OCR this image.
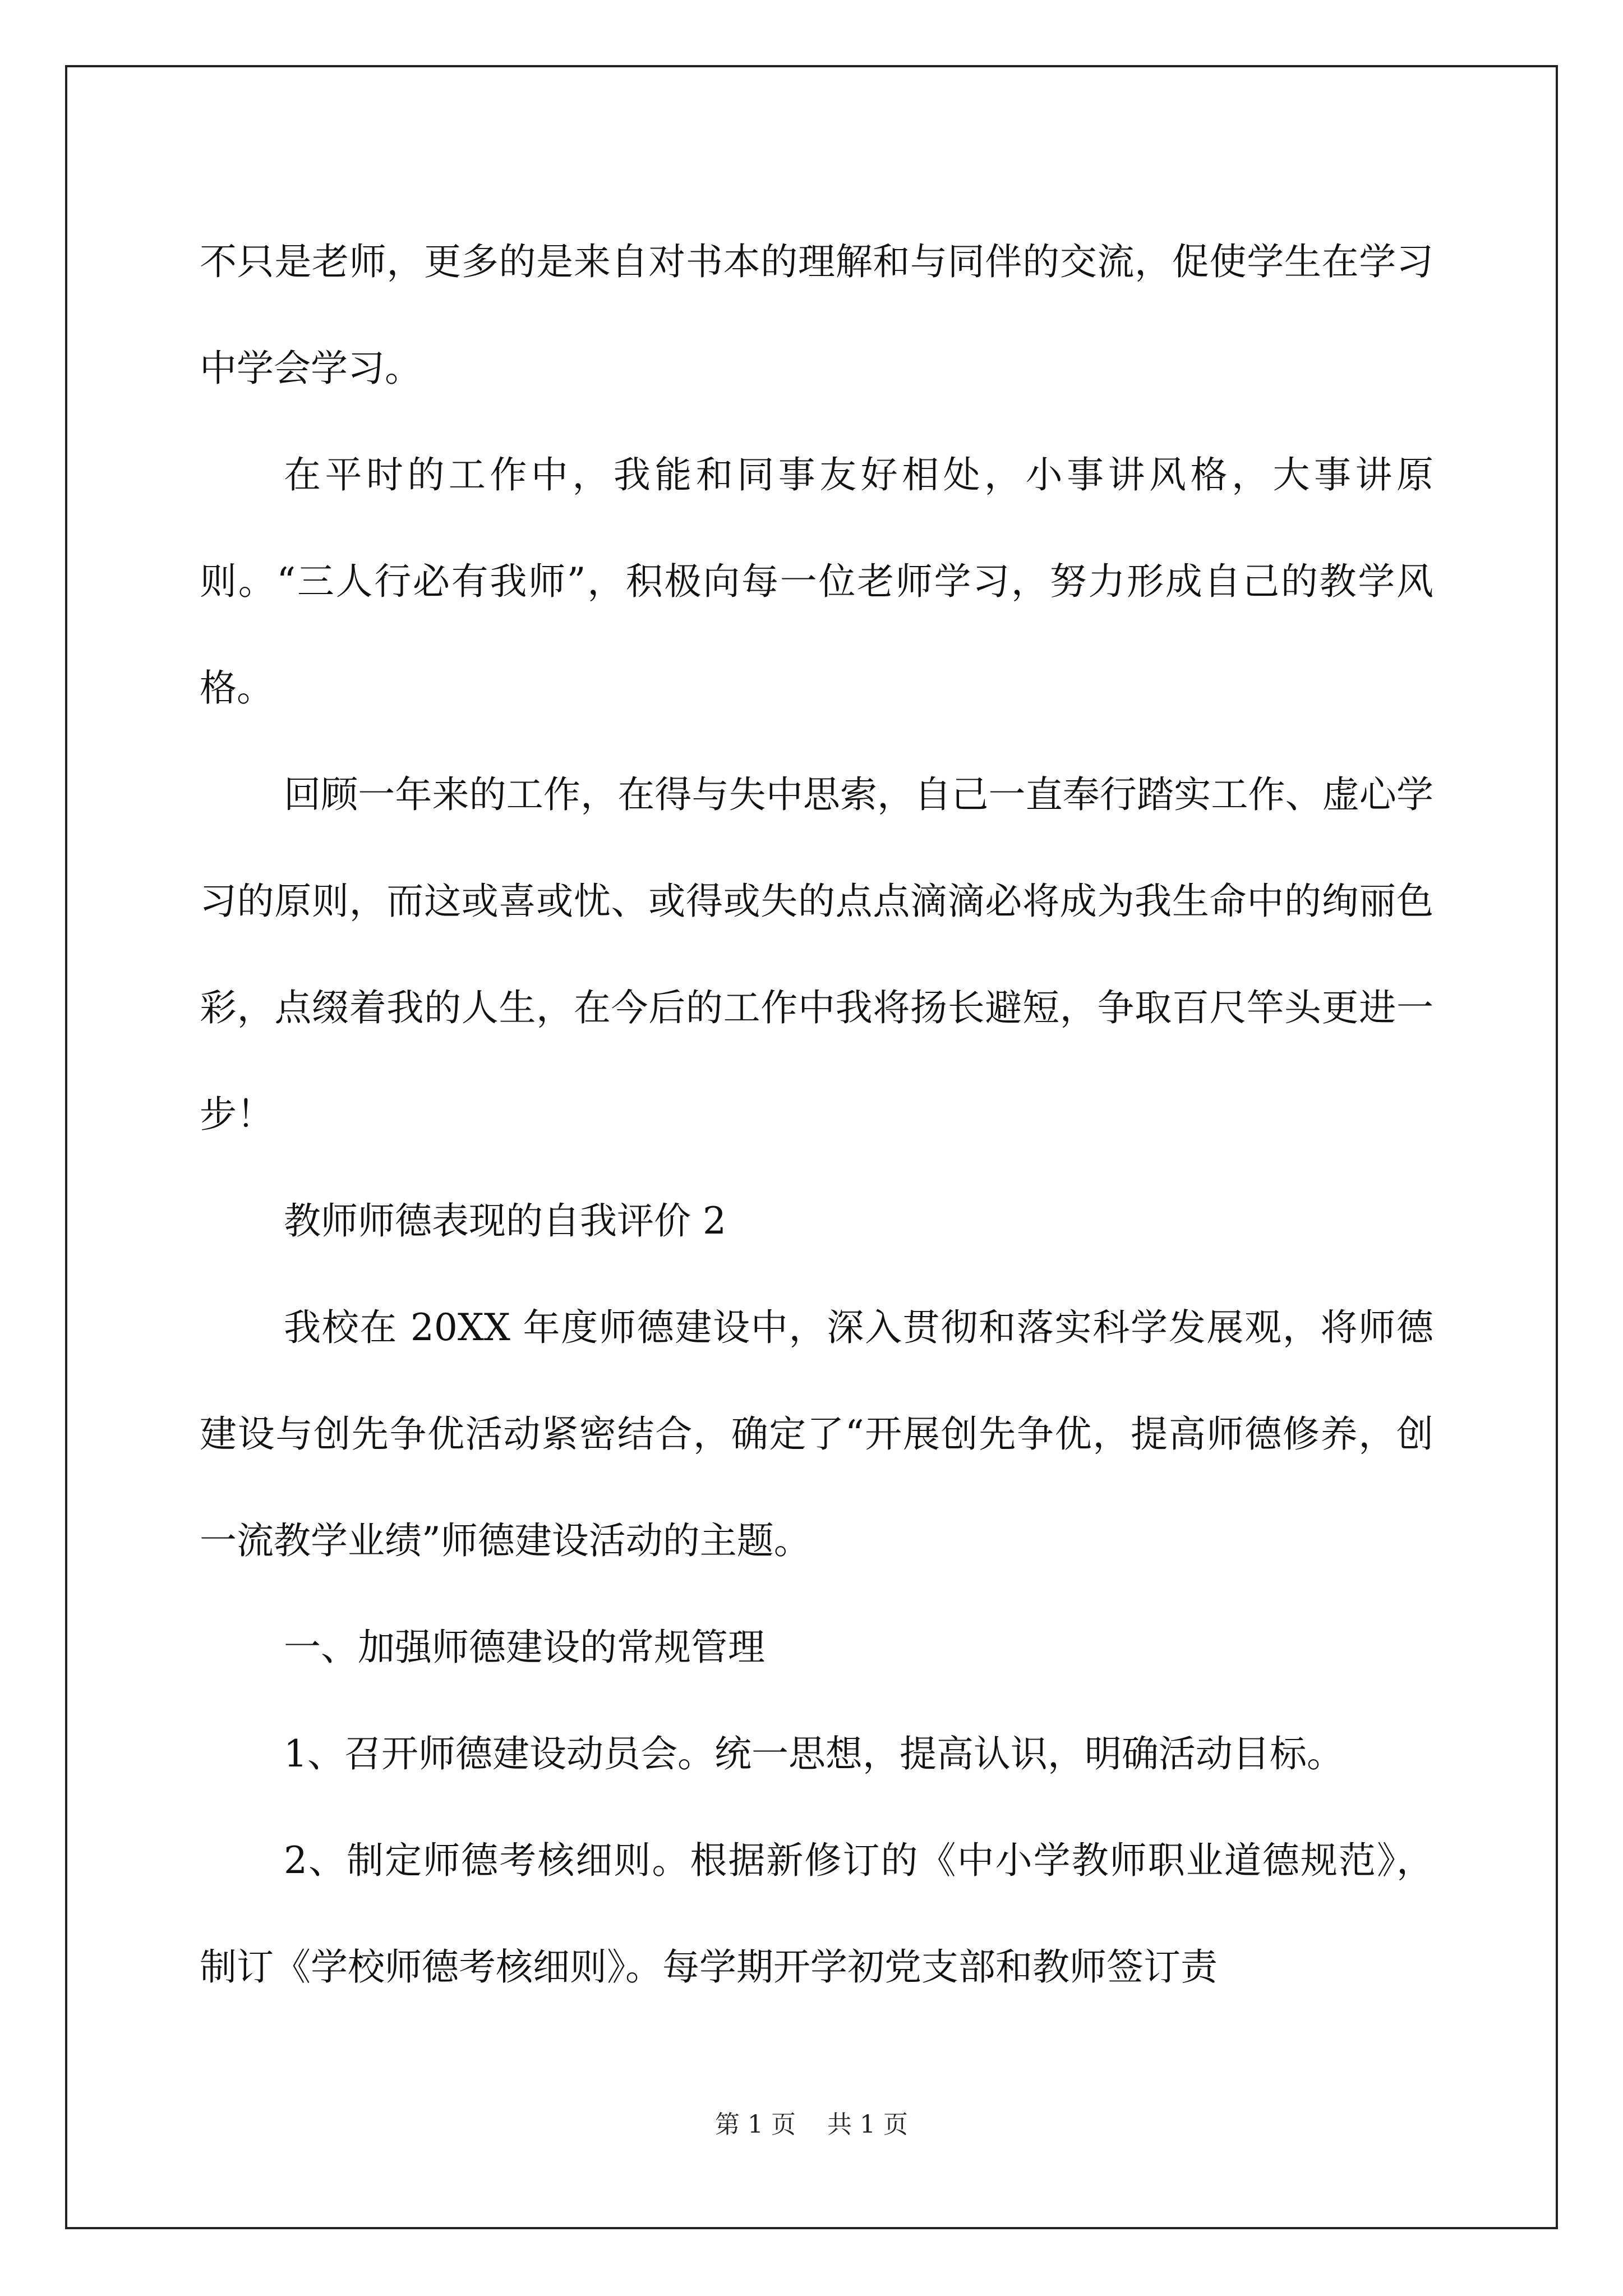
不只是老师，更多的是来自对书本的理解和与同伴的交流，促使学生在学习中学会学习。

在平时的工作中，我能和同事友好相处，小事讲风格，大事讲原则。“三人行必有我师”，积极向每一位老师学习，努力形成自己的教学风格。

回顾一年来的工作，在得与失中思索，自己一直奉行踏实工作、虚心学习的原则，而这或喜或忧、或得或失的点点滴滴必将成为我生命中的绚丽色彩，点缀着我的人生，在今后的工作中我将扬长避短，争取百尺竿头更进一步！

教师师德表现的自我评价 2

我校在 20XX 年度师德建设中，深入贯彻和落实科学发展观，将师德建设与创先争优活动紧密结合，确定了“开展创先争优，提高师德修养，创一流教学业绩”师德建设活动的主题。

一、加强师德建设的常规管理

1、召开师德建设动员会。统一思想，提高认识，明确活动目标。

2、制定师德考核细则。根据新修订的《中小学教师职业道德规范》，制订《学校师德考核细则》。每学期开学初党支部和教师签订责

第 1 页 共 1 页
